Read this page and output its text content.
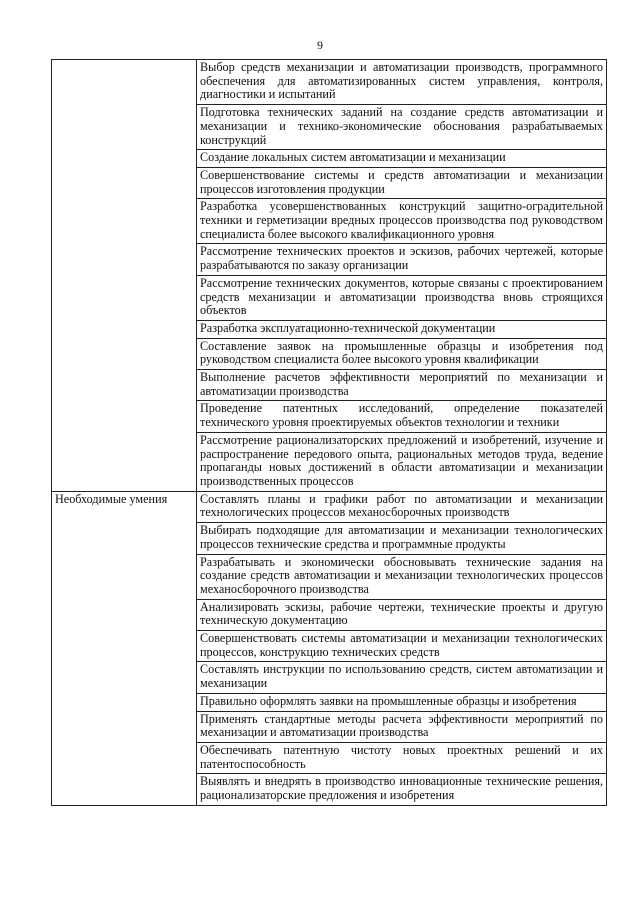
9
	Выбор средств механизации и автоматизации производств, программного обеспечения для автоматизированных систем управления, контроля, диагностики и испытаний
	Подготовка технических заданий на создание средств автоматизации и механизации и технико-экономические обоснования разрабатываемых конструкций
	Создание локальных систем автоматизации и механизации
	Совершенствование системы и средств автоматизации и механизации процессов изготовления продукции
	Разработка усовершенствованных конструкций защитно-оградительной техники и герметизации вредных процессов производства под руководством специалиста более высокого квалификационного уровня
	Рассмотрение технических проектов и эскизов, рабочих чертежей, которые разрабатываются по заказу организации
	Рассмотрение технических документов, которые связаны с проектированием средств механизации и автоматизации производства вновь строящихся объектов
	Разработка эксплуатационно-технической документации
	Составление заявок на промышленные образцы и изобретения под руководством специалиста более высокого уровня квалификации
	Выполнение расчетов эффективности мероприятий по механизации и автоматизации производства
	Проведение патентных исследований, определение показателей технического уровня проектируемых объектов технологии и техники
	Рассмотрение рационализаторских предложений и изобретений, изучение и распространение передового опыта, рациональных методов труда, ведение пропаганды новых достижений в области автоматизации и механизации производственных процессов
Необходимые умения	Составлять планы и графики работ по автоматизации и механизации технологических процессов механосборочных производств
	Выбирать подходящие для автоматизации и механизации технологических процессов технические средства и программные продукты
	Разрабатывать и экономически обосновывать технические задания на создание средств автоматизации и механизации технологических процессов механосборочного производства
	Анализировать эскизы, рабочие чертежи, технические проекты и другую техническую документацию
	Совершенствовать системы автоматизации и механизации технологических процессов, конструкцию технических средств
	Составлять инструкции по использованию средств, систем автоматизации и механизации
	Правильно оформлять заявки на промышленные образцы и изобретения
	Применять стандартные методы расчета эффективности мероприятий по механизации и автоматизации производства
	Обеспечивать патентную чистоту новых проектных решений и их патентоспособность
	Выявлять и внедрять в производство инновационные технические решения, рационализаторские предложения и изобретения
